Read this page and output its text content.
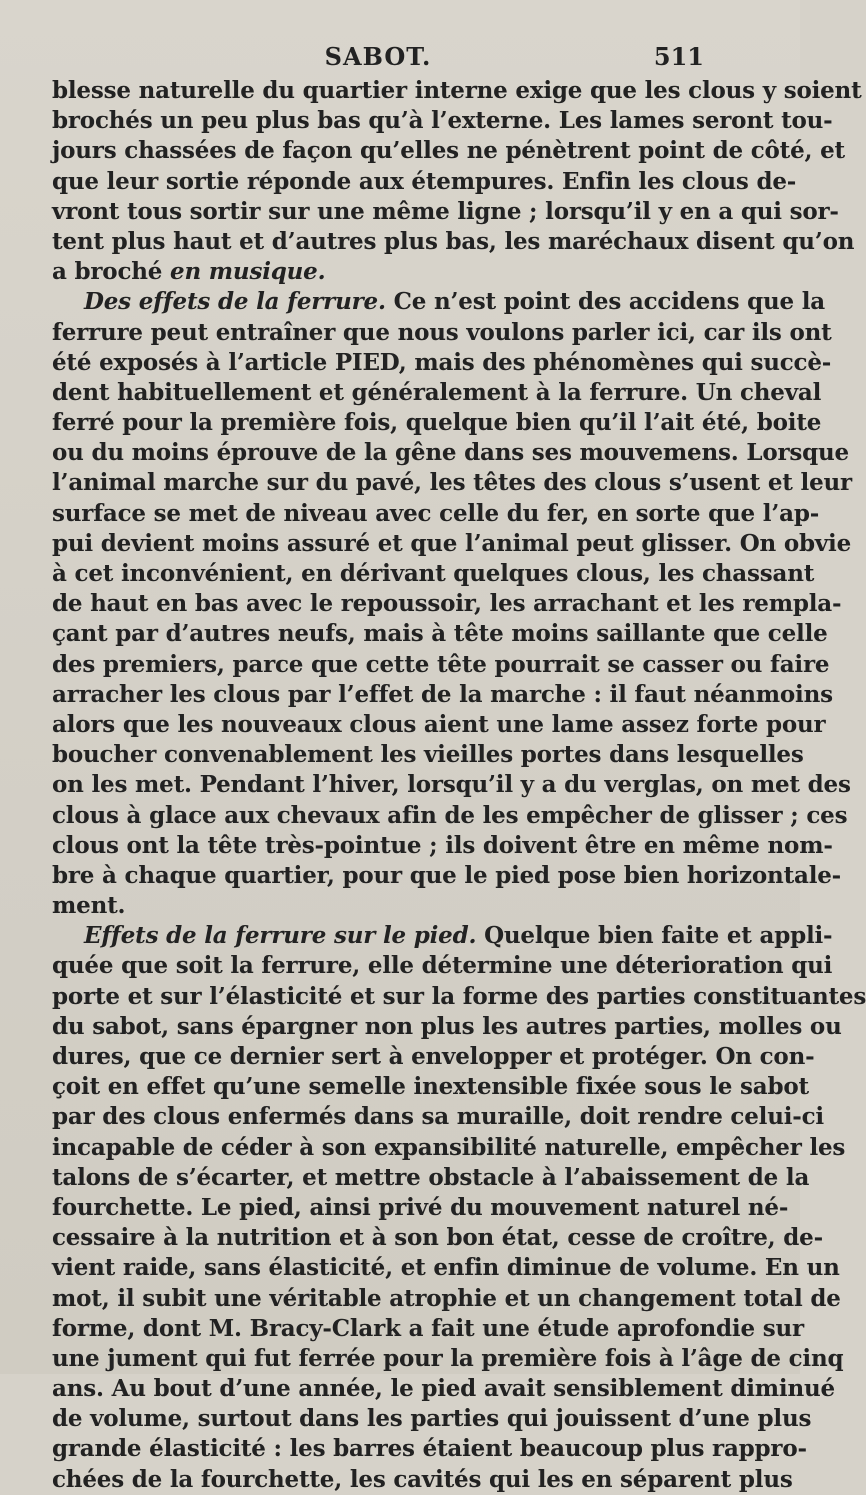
SABOT.	511
blesse naturelle du quartier interne exige que les clous y soient
brochés un peu plus bas qu’à l’externe. Les lames seront tou-
jours chassées de façon qu’elles ne pénètrent point de côté, et
que leur sortie réponde aux étempures. Enfin les clous de-
vront tous sortir sur une même ligne ; lorsqu’il y en a qui sor-
tent plus haut et d’autres plus bas, les maréchaux disent qu’on
a broché en musique.
Des effets de la ferrure. Ce n’est point des accidens que la
ferrure peut entraîner que nous voulons parler ici, car ils ont
été exposés à l’article PIED, mais des phénomènes qui succè-
dent habituellement et généralement à la ferrure. Un cheval
ferré pour la première fois, quelque bien qu’il l’ait été, boite
ou du moins éprouve de la gêne dans ses mouvemens. Lorsque
l’animal marche sur du pavé, les têtes des clous s’usent et leur
surface se met de niveau avec celle du fer, en sorte que l’ap-
pui devient moins assuré et que l’animal peut glisser. On obvie
à cet inconvénient, en dérivant quelques clous, les chassant
de haut en bas avec le repoussoir, les arrachant et les rempla-
çant par d’autres neufs, mais à tête moins saillante que celle
des premiers, parce que cette tête pourrait se casser ou faire
arracher les clous par l’effet de la marche : il faut néanmoins
alors que les nouveaux clous aient une lame assez forte pour
boucher convenablement les vieilles portes dans lesquelles
on les met. Pendant l’hiver, lorsqu’il y a du verglas, on met des
clous à glace aux chevaux afin de les empêcher de glisser ; ces
clous ont la tête très-pointue ; ils doivent être en même nom-
bre à chaque quartier, pour que le pied pose bien horizontale-
ment.
Effets de la ferrure sur le pied. Quelque bien faite et appli-
quée que soit la ferrure, elle détermine une déterioration qui
porte et sur l’élasticité et sur la forme des parties constituantes
du sabot, sans épargner non plus les autres parties, molles ou
dures, que ce dernier sert à envelopper et protéger. On con-
çoit en effet qu’une semelle inextensible fixée sous le sabot
par des clous enfermés dans sa muraille, doit rendre celui-ci
incapable de céder à son expansibilité naturelle, empêcher les
talons de s’écarter, et mettre obstacle à l’abaissement de la
fourchette. Le pied, ainsi privé du mouvement naturel né-
cessaire à la nutrition et à son bon état, cesse de croître, de-
vient raide, sans élasticité, et enfin diminue de volume. En un
mot, il subit une véritable atrophie et un changement total de
forme, dont M. Bracy-Clark a fait une étude aprofondie sur
une jument qui fut ferrée pour la première fois à l’âge de cinq
ans. Au bout d’une année, le pied avait sensiblement diminué
de volume, surtout dans les parties qui jouissent d’une plus
grande élasticité : les barres étaient beaucoup plus rappro-
chées de la fourchette, les cavités qui les en séparent plus
